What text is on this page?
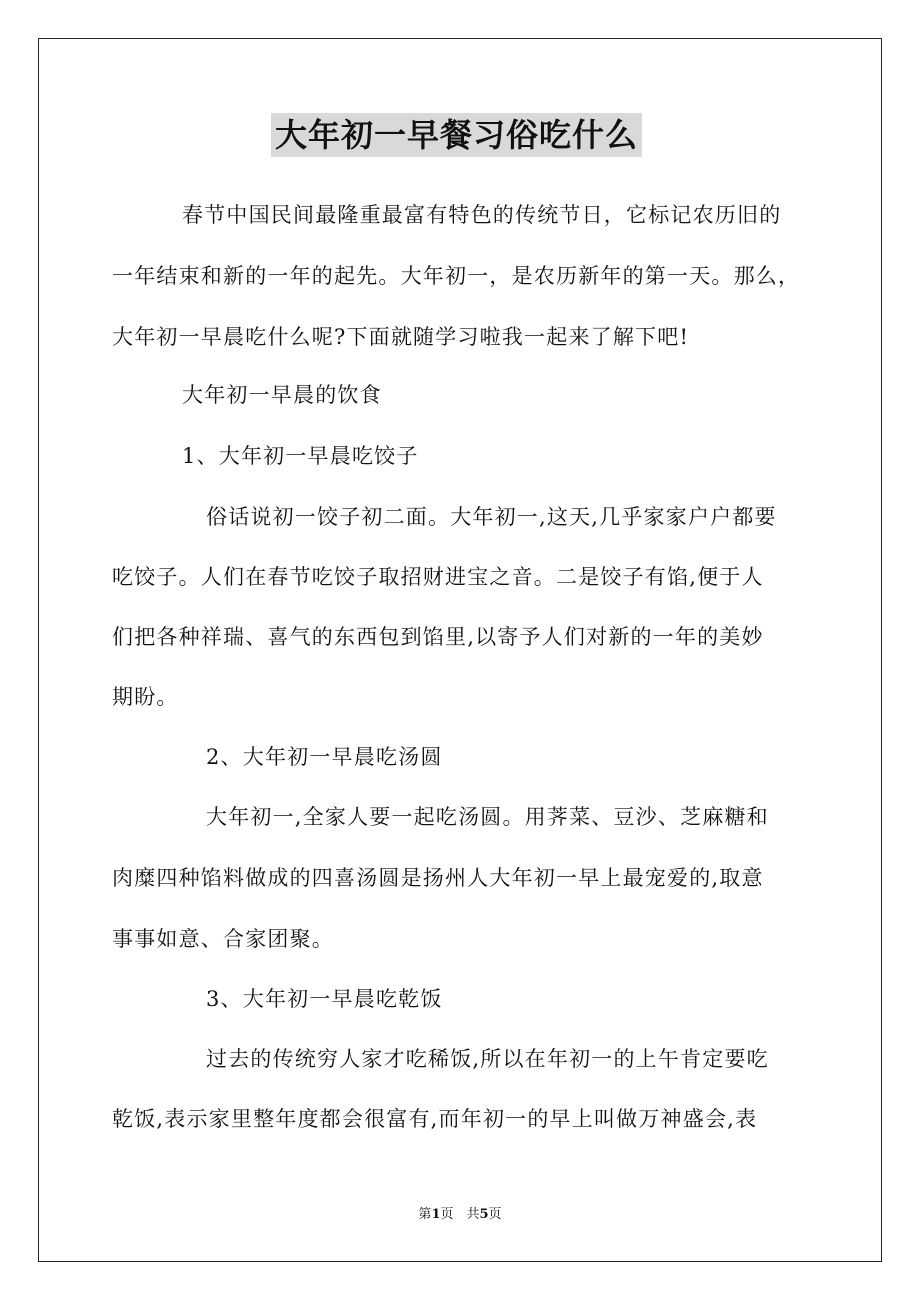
大年初一早餐习俗吃什么
春节中国民间最隆重最富有特色的传统节日，它标记农历旧的
一年结束和新的一年的起先。大年初一，是农历新年的第一天。那么，
大年初一早晨吃什么呢?下面就随学习啦我一起来了解下吧!
大年初一早晨的饮食
1、大年初一早晨吃饺子
俗话说初一饺子初二面。大年初一,这天,几乎家家户户都要
吃饺子。人们在春节吃饺子取招财进宝之音。二是饺子有馅,便于人
们把各种祥瑞、喜气的东西包到馅里,以寄予人们对新的一年的美妙
期盼。
2、大年初一早晨吃汤圆
大年初一,全家人要一起吃汤圆。用荠菜、豆沙、芝麻糖和
肉糜四种馅料做成的四喜汤圆是扬州人大年初一早上最宠爱的,取意
事事如意、合家团聚。
3、大年初一早晨吃乾饭
过去的传统穷人家才吃稀饭,所以在年初一的上午肯定要吃
乾饭,表示家里整年度都会很富有,而年初一的早上叫做万神盛会,表
第1页　共5页
